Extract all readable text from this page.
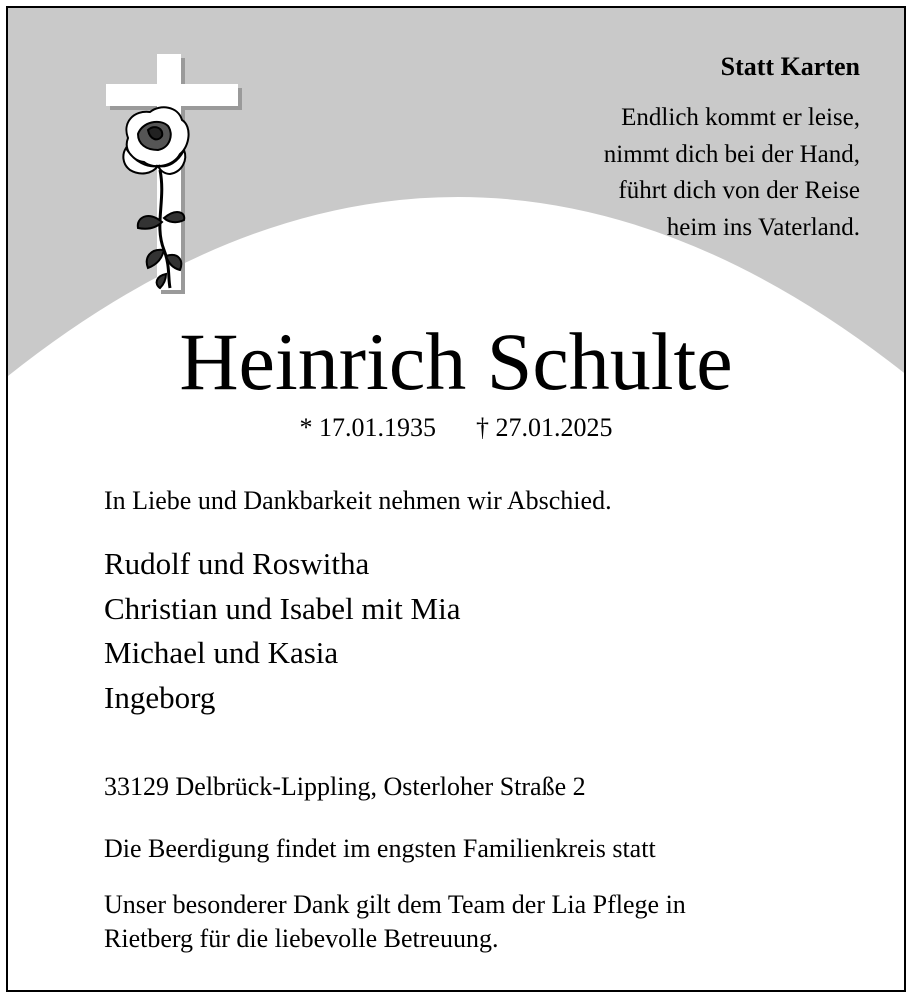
Statt Karten
Endlich kommt er leise,
nimmt dich bei der Hand,
führt dich von der Reise
heim ins Vaterland.
Heinrich Schulte
* 17.01.1935 † 27.01.2025
In Liebe und Dankbarkeit nehmen wir Abschied.
Rudolf und Roswitha
Christian und Isabel mit Mia
Michael und Kasia
Ingeborg
33129 Delbrück-Lippling, Osterloher Straße 2
Die Beerdigung findet im engsten Familienkreis statt
Unser besonderer Dank gilt dem Team der Lia Pflege in
Rietberg für die liebevolle Betreuung.
